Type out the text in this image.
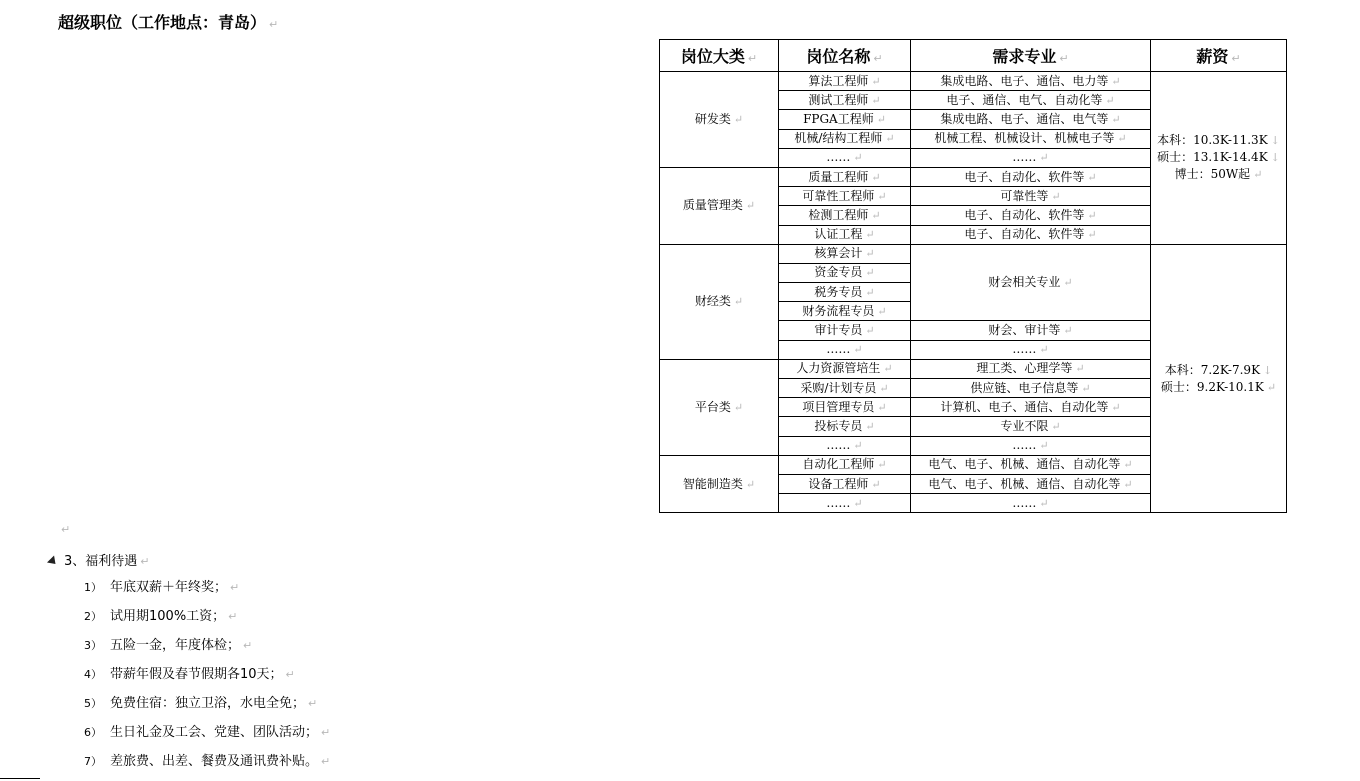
超级职位（工作地点：青岛） ↵
岗位大类 ↵	岗位名称 ↵	需求专业 ↵	薪资 ↵
研发类 ↵	算法工程师 ↵	集成电路、电子、通信、电力等 ↵	本科：10.3K-11.3K ↓
硕士：13.1K-14.4K ↓
博士：50W起 ↵

	测试工程师 ↵	电子、通信、电气、自动化等 ↵	
	FPGA工程师 ↵	集成电路、电子、通信、电气等 ↵	
	机械/结构工程师 ↵	机械工程、机械设计、机械电子等 ↵	
	…… ↵	…… ↵	
质量管理类 ↵	质量工程师 ↵	电子、自动化、软件等 ↵	
	可靠性工程师 ↵	可靠性等 ↵	
	检测工程师 ↵	电子、自动化、软件等 ↵	
	认证工程 ↵	电子、自动化、软件等 ↵	
财经类 ↵	核算会计 ↵	财会相关专业 ↵	本科：7.2K-7.9K ↓
硕士：9.2K-10.1K ↵

	资金专员 ↵		
	税务专员 ↵		
	财务流程专员 ↵		
	审计专员 ↵	财会、审计等 ↵	
	…… ↵	…… ↵	
平台类 ↵	人力资源管培生 ↵	理工类、心理学等 ↵	
	采购/计划专员 ↵	供应链、电子信息等 ↵	
	项目管理专员 ↵	计算机、电子、通信、自动化等 ↵	
	投标专员 ↵	专业不限 ↵	
	…… ↵	…… ↵	
智能制造类 ↵	自动化工程师 ↵	电气、电子、机械、通信、自动化等 ↵	
	设备工程师 ↵	电气、电子、机械、通信、自动化等 ↵	
	…… ↵	…… ↵	
↵
3、福利待遇 ↵
1） 年底双薪＋年终奖； ↵
2） 试用期100%工资； ↵
3） 五险一金，年度体检； ↵
4） 带薪年假及春节假期各10天； ↵
5） 免费住宿：独立卫浴，水电全免； ↵
6） 生日礼金及工会、党建、团队活动； ↵
7） 差旅费、出差、餐费及通讯费补贴。 ↵
